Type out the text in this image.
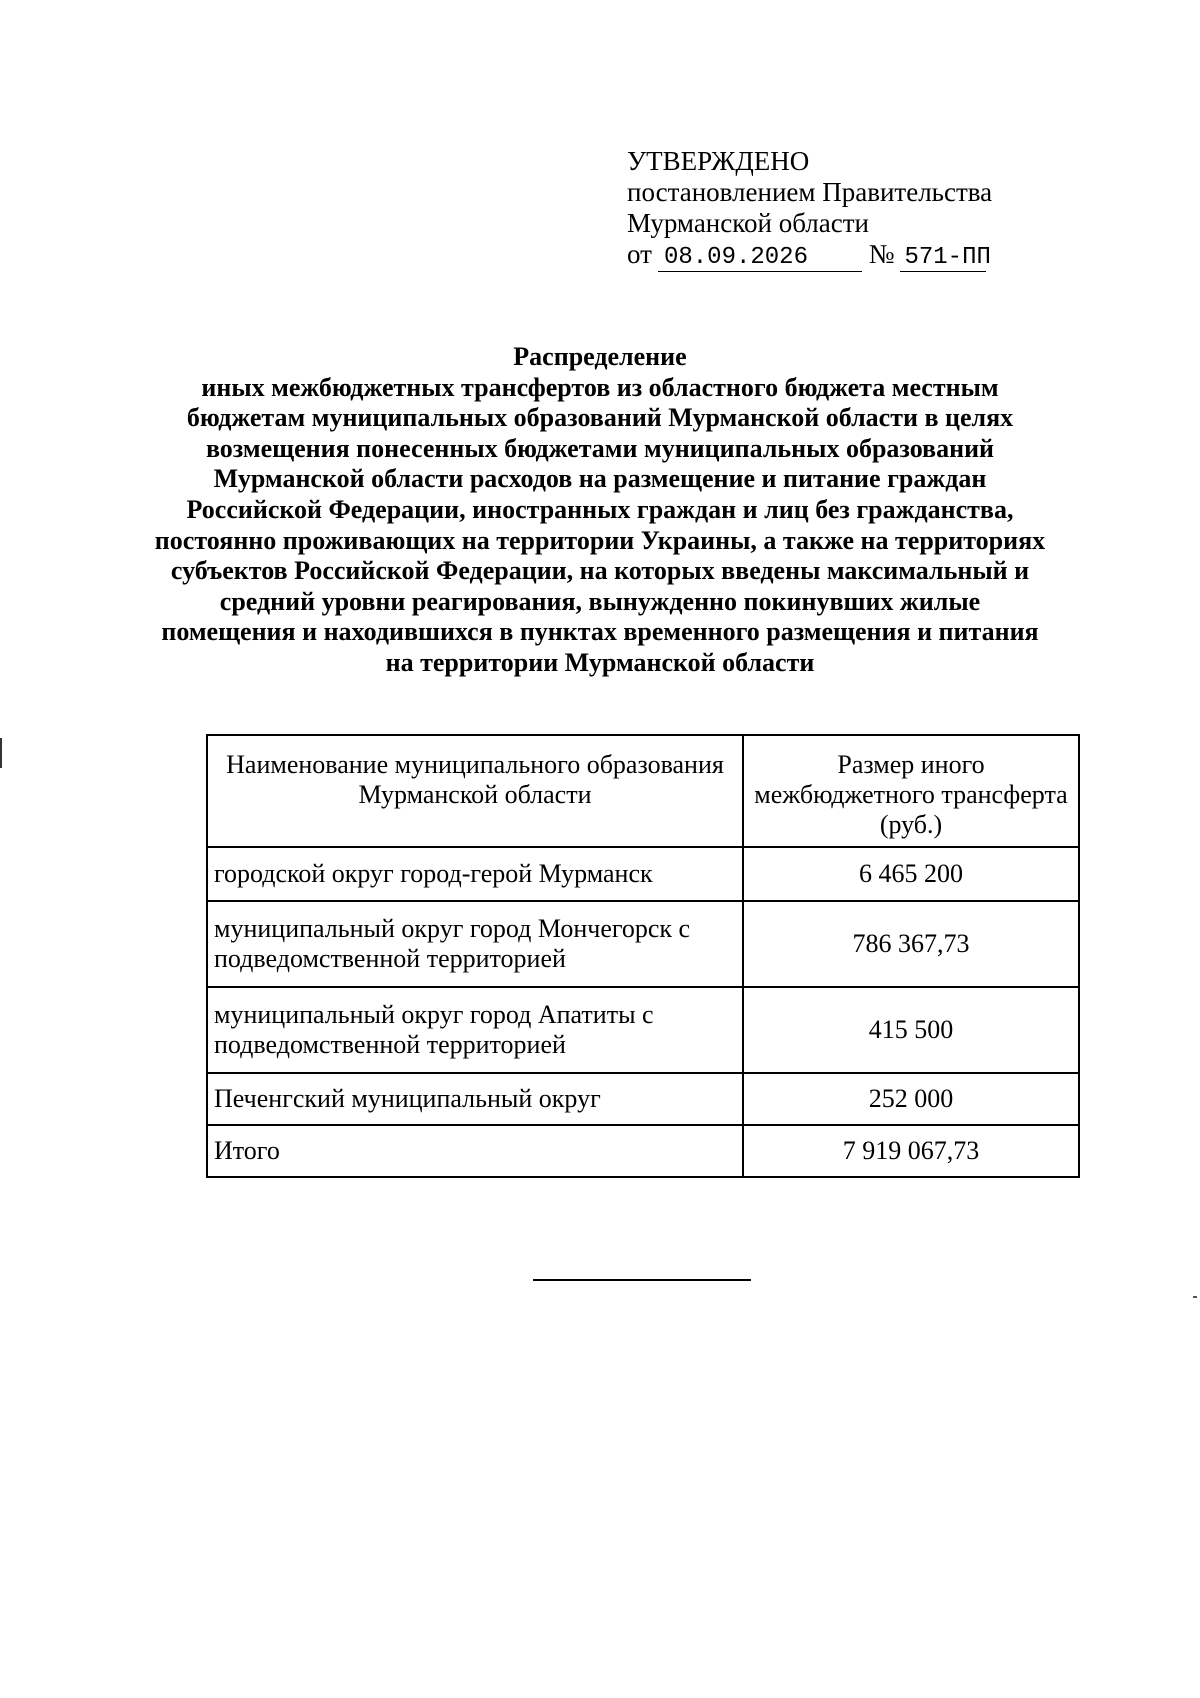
УТВЕРЖДЕНО
постановлением Правительства
Мурманской области
от 08.09.2026 № 571-ПП
Распределение
иных межбюджетных трансфертов из областного бюджета местным бюджетам муниципальных образований Мурманской области в целях возмещения понесенных бюджетами муниципальных образований Мурманской области расходов на размещение и питание граждан Российской Федерации, иностранных граждан и лиц без гражданства, постоянно проживающих на территории Украины, а также на территориях субъектов Российской Федерации, на которых введены максимальный и средний уровни реагирования, вынужденно покинувших жилые помещения и находившихся в пунктах временного размещения и питания на территории Мурманской области
Наименование муниципального образования Мурманской области	Размер иного межбюджетного трансферта (руб.)
городской округ город-герой Мурманск	6 465 200
муниципальный округ город Мончегорск с подведомственной территорией	786 367,73
муниципальный округ город Апатиты с подведомственной территорией	415 500
Печенгский муниципальный округ	252 000
Итого	7 919 067,73
